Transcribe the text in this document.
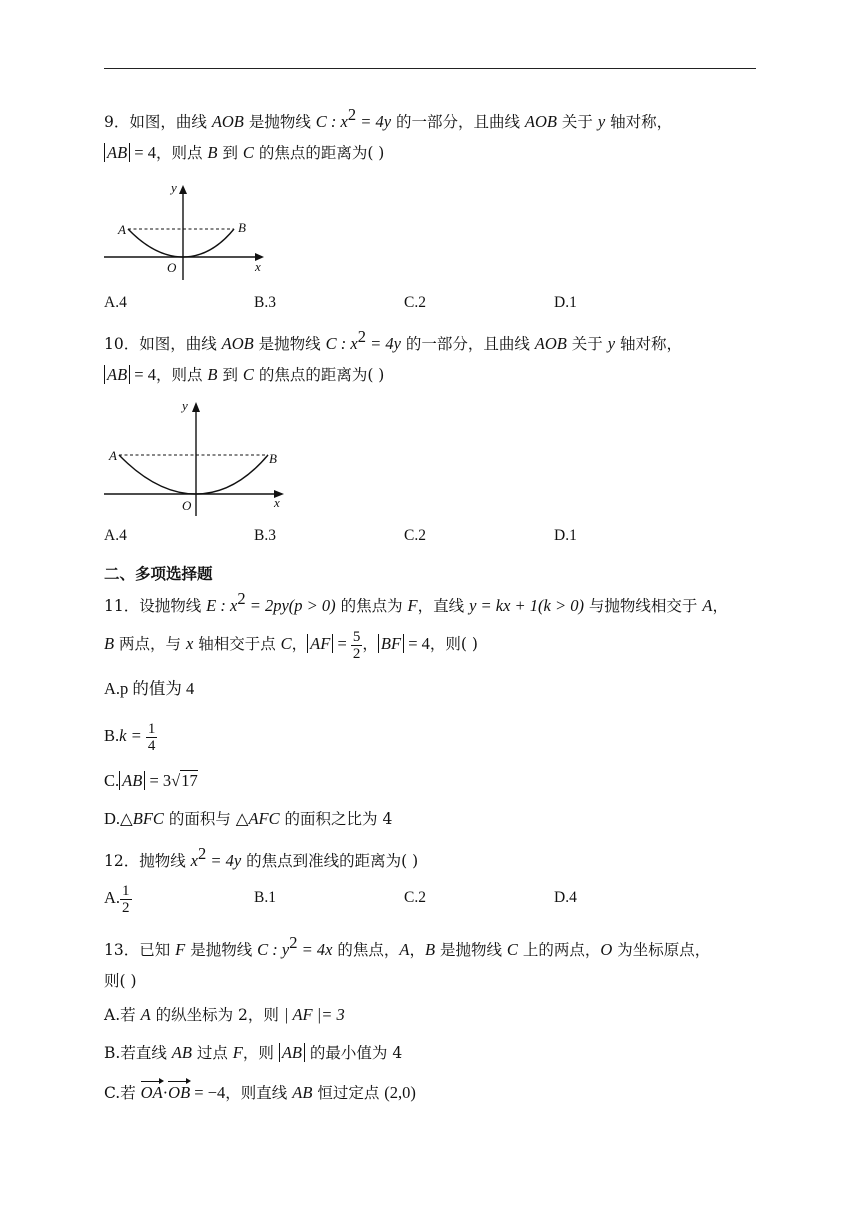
9．如图，曲线 AOB 是抛物线 C : $x^2 = 4y$ 的一部分，且曲线 AOB 关于 y 轴对称，
AB = 4，则点 B 到 C 的焦点的距离为( )
A	B
O	x
y
A.4	B.3	C.2	D.1
10．如图，曲线 AOB 是抛物线 C : $x^2 = 4y$ 的一部分，且曲线 AOB 关于 y 轴对称，
AB = 4，则点 B 到 C 的焦点的距离为( )
A	B
O	x
y
A.4	B.3	C.2	D.1
二、多项选择题
11．设抛物线 E : $x^2 = 2py(p > 0)$ 的焦点为 F，直线 y = kx + 1(k > 0) 与抛物线相交于 A，
B 两点，与 x 轴相交于点 C， AF = $\frac{5}{2}$ ， BF = 4，则( )
A.p 的值为 4
$B.k = \frac{1}{4}$
C. AB = 3√17
D.△BFC 的面积与 △AFC 的面积之比为 4
12．抛物线 $x^2 = 4y$ 的焦点到准线的距离为( )
A. $\frac{1}{2}$	B.1	C.2	D.4
13．已知 F 是抛物线 C : $y^2 = 4x$ 的焦点，A，B 是抛物线 C 上的两点，O 为坐标原点，
则( )
A.若 A 的纵坐标为 2，则 | AF |= 3
B.若直线 AB 过点 F，则 AB 的最小值为 4
C.若 OA·OB = −4，则直线 AB 恒过定点 (2,0)
